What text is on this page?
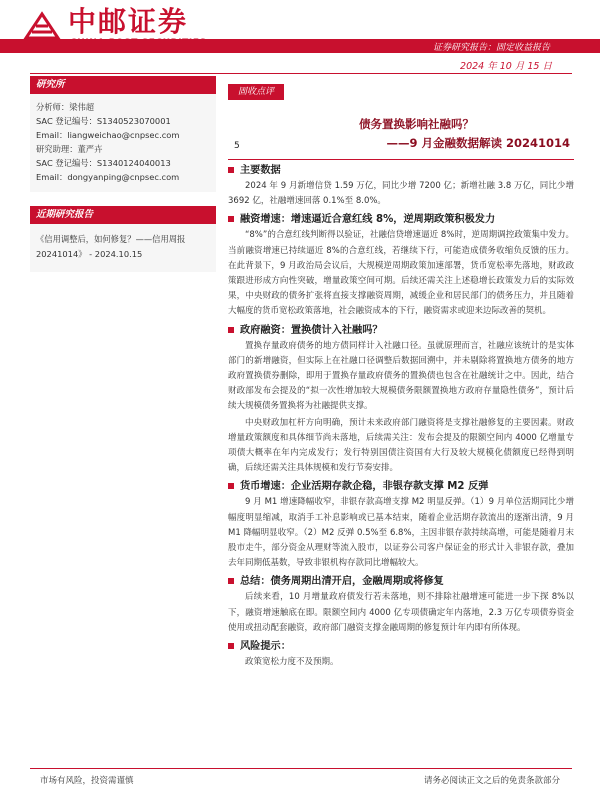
中邮证券
证券研究报告：固定收益报告
2024 年 10 月 15 日
研究所
分析师：梁伟超
SAC 登记编号：S1340523070001
Email：liangweichao@cnpsec.com
研究助理：董严卉
SAC 登记编号：S1340124040013
Email：dongyanping@cnpsec.com
近期研究报告
《信用调整后，如何修复？——信用周报 20241014》 - 2024.10.15
固收点评
债务置换影响社融吗？
——9 月金融数据解读 20241014
5
主要数据
2024 年 9 月新增信贷 1.59 万亿，同比少增 7200 亿；新增社融 3.8 万亿，同比少增 3692 亿，社融增速回落 0.1%至 8.0%。
融资增速：增速逼近合意红线 8%，逆周期政策积极发力
“8%”的合意红线判断得以验证，社融信贷增速逼近 8%时，逆周期调控政策集中发力。当前融资增速已持续逼近 8%的合意红线，若继续下行，可能造成债务收缩负反馈的压力。在此背景下，9 月政治局会议后，大规模逆周期政策加速部署，货币宽松率先落地，财政政策跟进形成方向性突破，增量政策空间可期。后续还需关注上述稳增长政策发力后的实际效果，中央财政的债务扩张将直接支撑融资周期，减缓企业和居民部门的债务压力，并且随着大幅度的货币宽松政策落地，社会融资成本的下行，融资需求或迎来边际改善的契机。
政府融资：置换债计入社融吗？
置换存量政府债务的地方债同样计入社融口径。虽就原理而言，社融应该统计的是实体部门的新增融资，但实际上在社融口径调整后数据回溯中，并未剔除将置换地方债务的地方政府置换债券删除，即用于置换存量政府债务的置换债也包含在社融统计之中。因此，结合财政部发布会提及的“拟一次性增加较大规模债务限额置换地方政府存量隐性债务”，预计后续大规模债务置换将为社融提供支撑。
中央财政加杠杆方向明确，预计未来政府部门融资将是支撑社融修复的主要因素。财政增量政策额度和具体细节尚未落地，后续需关注：发布会提及的限额空间内 4000 亿增量专项债大概率在年内完成发行；发行特别国债注资国有大行及较大规模化债额度已经得到明确，后续还需关注具体规模和发行节奏安排。
货币增速：企业活期存款企稳，非银存款支撑 M2 反弹
9 月 M1 增速降幅收窄，非银存款高增支撑 M2 明显反弹。（1）9 月单位活期同比少增幅度明显缩减，取消手工补息影响或已基本结束，随着企业活期存款流出的逐渐出清，9 月 M1 降幅明显收窄。（2）M2 反弹 0.5%至 6.8%，主因非银存款持续高增，可能是随着月末股市走牛，部分资金从理财等流入股市，以证券公司客户保证金的形式计入非银存款，叠加去年同期低基数，导致非银机构存款同比增幅较大。
总结：债务周期出清开启，金融周期或将修复
后续来看，10 月增量政府债发行若未落地，则不排除社融增速可能进一步下探 8%以下，融资增速触底在即。限额空间内 4000 亿专项债确定年内落地，2.3 万亿专项债券资金使用或扭动配套融资，政府部门融资支撑金融周期的修复预计年内即有所体现。
风险提示：
政策宽松力度不及预期。
市场有风险，投资需谨慎	请务必阅读正文之后的免责条款部分
